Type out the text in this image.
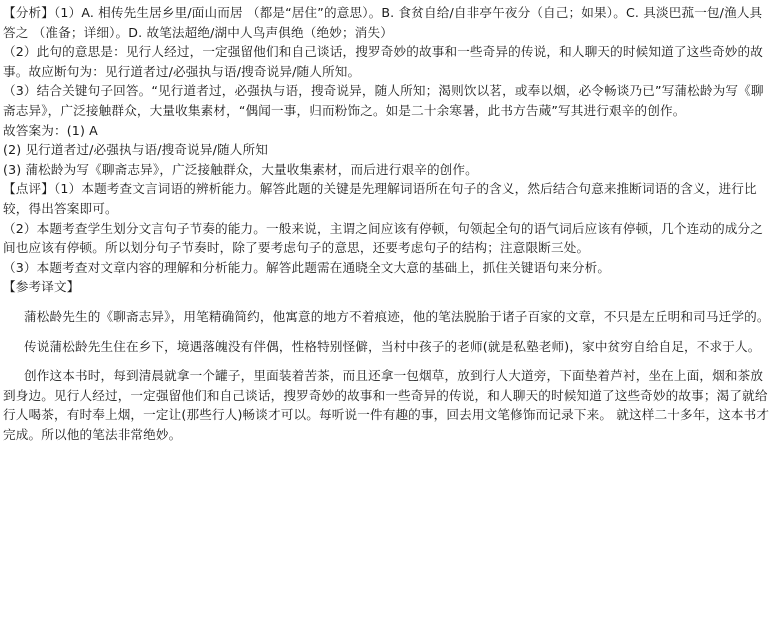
【分析】（1）A. 相传先生居乡里/面山而居 （都是“居住”的意思）。B. 食贫自给/自非亭午夜分（自己；如果）。C. 具淡巴菰一包/渔人具答之 （准备；详细）。D. 故笔法超绝/湖中人鸟声俱绝（绝妙；消失）
（2）此句的意思是：见行人经过，一定强留他们和自己谈话，搜罗奇妙的故事和一些奇异的传说，和人聊天的时候知道了这些奇妙的故事。故应断句为：见行道者过/必强执与语/搜奇说异/随人所知。
（3）结合关键句子回答。“见行道者过，必强执与语，搜奇说异，随人所知；渴则饮以茗，或奉以烟，必令畅谈乃已”写蒲松龄为写《聊斋志异》，广泛接触群众，大量收集素材，“偶闻一事，归而粉饰之。如是二十余寒暑，此书方告蒇”写其进行艰辛的创作。
故答案为：(1) A
(2) 见行道者过/必强执与语/搜奇说异/随人所知
(3) 蒲松龄为写《聊斋志异》，广泛接触群众，大量收集素材，而后进行艰辛的创作。
【点评】（1）本题考查文言词语的辨析能力。解答此题的关键是先理解词语所在句子的含义，然后结合句意来推断词语的含义，进行比较，得出答案即可。
（2）本题考查学生划分文言句子节奏的能力。一般来说，主谓之间应该有停顿，句领起全句的语气词后应该有停顿，几个连动的成分之间也应该有停顿。所以划分句子节奏时，除了要考虑句子的意思，还要考虑句子的结构；注意限断三处。
（3）本题考查对文章内容的理解和分析能力。解答此题需在通晓全文大意的基础上，抓住关键语句来分析。
【参考译文】
蒲松龄先生的《聊斋志异》，用笔精确简约，他寓意的地方不着痕迹，他的笔法脱胎于诸子百家的文章，不只是左丘明和司马迁学的。
传说蒲松龄先生住在乡下，境遇落魄没有伴偶，性格特别怪僻，当村中孩子的老师(就是私塾老师)，家中贫穷自给自足，不求于人。
创作这本书时，每到清晨就拿一个罐子，里面装着苦茶，而且还拿一包烟草，放到行人大道旁，下面垫着芦衬，坐在上面，烟和茶放到身边。见行人经过，一定强留他们和自己谈话，搜罗奇妙的故事和一些奇异的传说，和人聊天的时候知道了这些奇妙的故事；渴了就给行人喝茶，有时奉上烟，一定让(那些行人)畅谈才可以。每听说一件有趣的事，回去用文笔修饰而记录下来。 就这样二十多年，这本书才完成。所以他的笔法非常绝妙。
